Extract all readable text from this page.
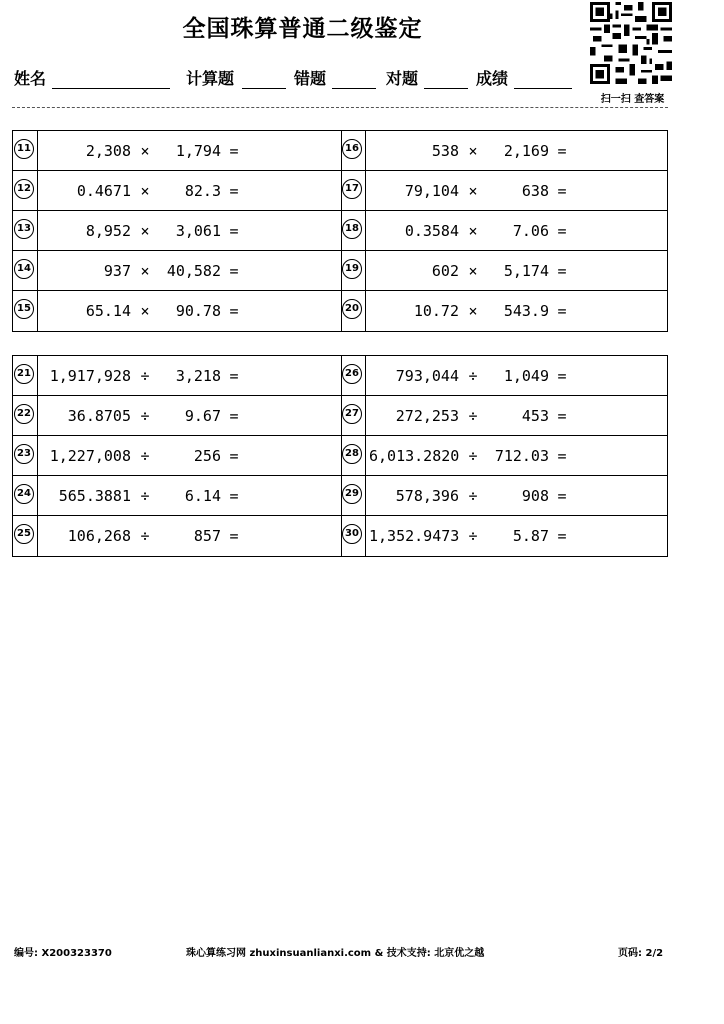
全国珠算普通二级鉴定
姓名	计算题	错题	对题	成绩
扫一扫 查答案
11	2,308 × 1,794 =	16	538 × 2,169 =
12	0.4671 × 82.3 =	17	79,104 ×	638 =
13	8,952 × 3,061 =	18	0.3584 × 7.06 =
14	937 × 40,582 =	19	602 × 5,174 =
15	65.14 × 90.78 =	20	10.72 × 543.9 =
21	1,917,928 ÷ 3,218 =	26	793,044 ÷ 1,049 =
22	36.8705 ÷ 9.67 =	27	272,253 ÷	453 =
23	1,227,008 ÷	256 =	28 6,013.2820 ÷ 712.03 =
24	565.3881 ÷ 6.14 =	29	578,396 ÷	908 =
25	106,268 ÷	857 =	30 1,352.9473 ÷ 5.87 =
编号: X200323370	珠心算练习网 zhuxinsuanlianxi.com & 技术支持: 北京优之越	页码: 2/2
